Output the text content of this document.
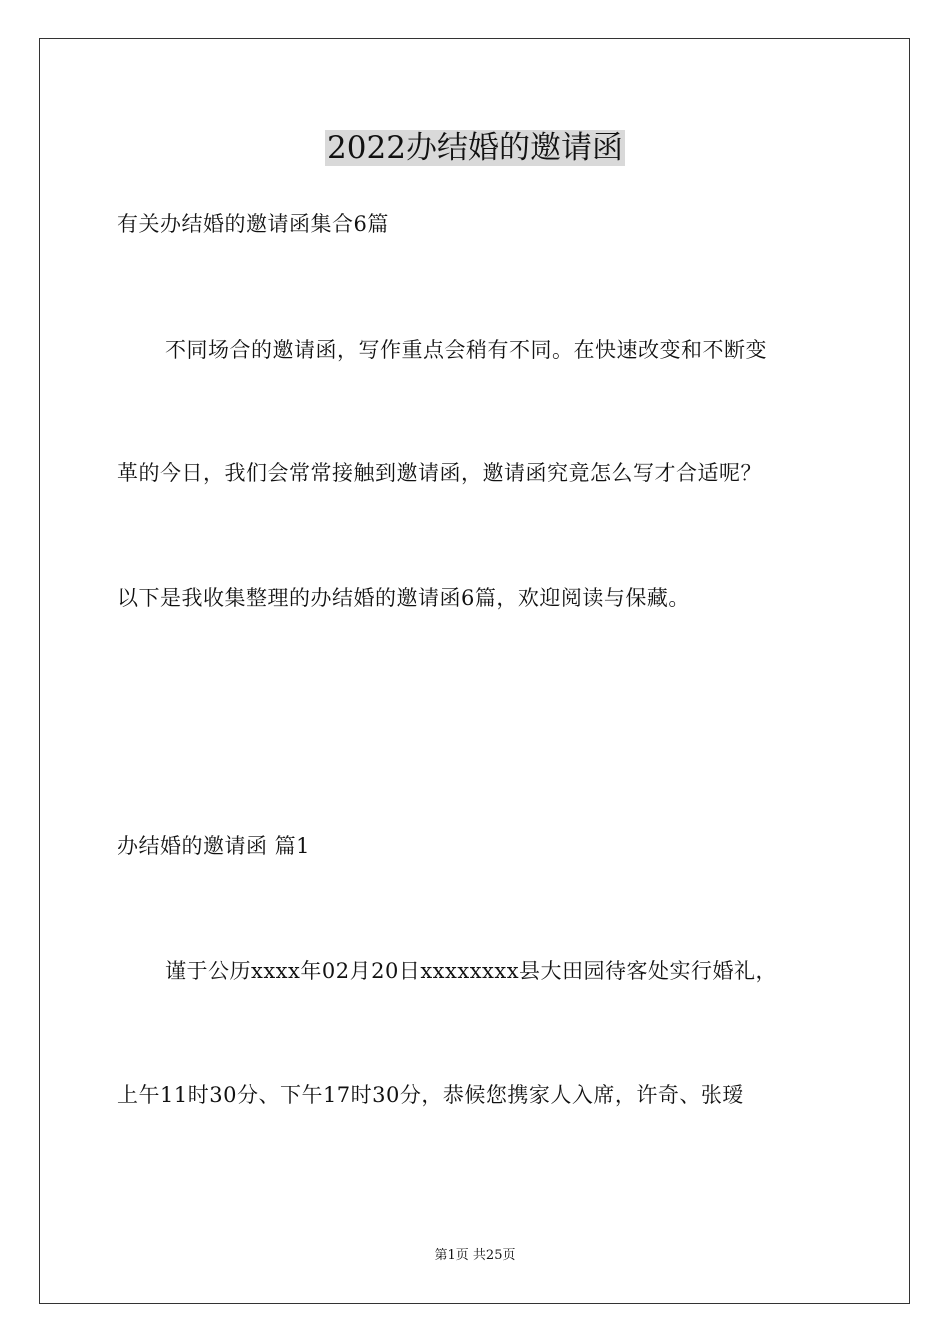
2022办结婚的邀请函
有关办结婚的邀请函集合6篇
不同场合的邀请函，写作重点会稍有不同。在快速改变和不断变
革的今日，我们会常常接触到邀请函，邀请函究竟怎么写才合适呢？
以下是我收集整理的办结婚的邀请函6篇，欢迎阅读与保藏。
办结婚的邀请函 篇1
谨于公历xxxx年02月20日xxxxxxxx县大田园待客处实行婚礼，
上午11时30分、下午17时30分，恭候您携家人入席，许奇、张瑷
第1页 共25页
